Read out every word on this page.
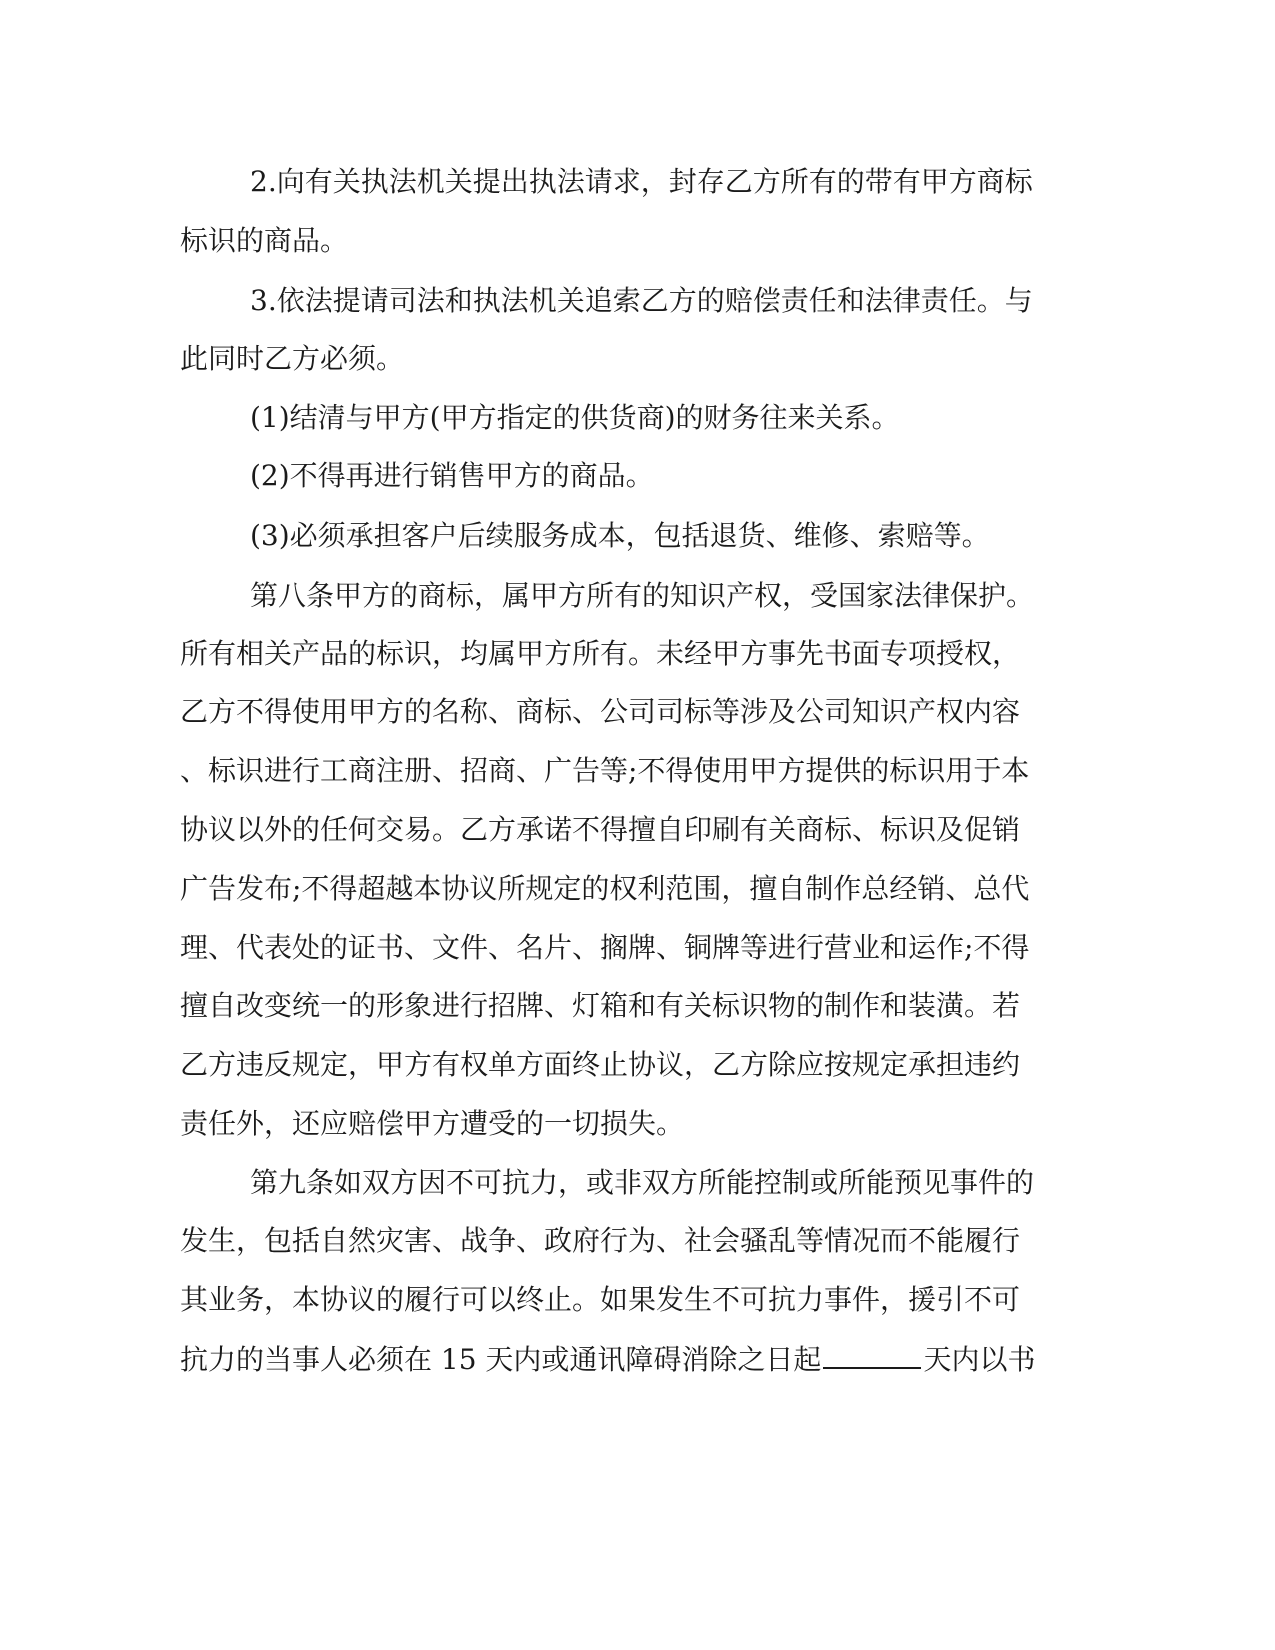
2.向有关执法机关提出执法请求，封存乙方所有的带有甲方商标
标识的商品。
3.依法提请司法和执法机关追索乙方的赔偿责任和法律责任。与
此同时乙方必须。
(1)结清与甲方(甲方指定的供货商)的财务往来关系。
(2)不得再进行销售甲方的商品。
(3)必须承担客户后续服务成本，包括退货、维修、索赔等。
第八条甲方的商标，属甲方所有的知识产权，受国家法律保护。
所有相关产品的标识，均属甲方所有。未经甲方事先书面专项授权，
乙方不得使用甲方的名称、商标、公司司标等涉及公司知识产权内容
、标识进行工商注册、招商、广告等;不得使用甲方提供的标识用于本
协议以外的任何交易。乙方承诺不得擅自印刷有关商标、标识及促销
广告发布;不得超越本协议所规定的权利范围，擅自制作总经销、总代
理、代表处的证书、文件、名片、搁牌、铜牌等进行营业和运作;不得
擅自改变统一的形象进行招牌、灯箱和有关标识物的制作和装潢。若
乙方违反规定，甲方有权单方面终止协议，乙方除应按规定承担违约
责任外，还应赔偿甲方遭受的一切损失。
第九条如双方因不可抗力，或非双方所能控制或所能预见事件的
发生，包括自然灾害、战争、政府行为、社会骚乱等情况而不能履行
其业务，本协议的履行可以终止。如果发生不可抗力事件，援引不可
抗力的当事人必须在 15 天内或通讯障碍消除之日起	天内以书
